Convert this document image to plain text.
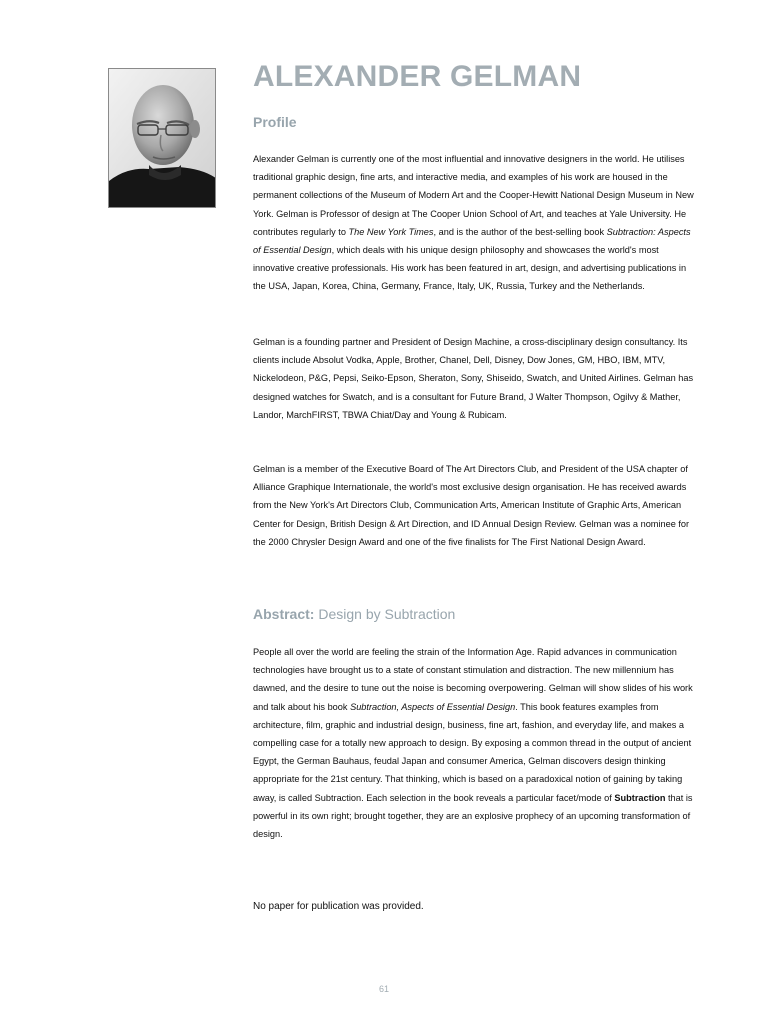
ALEXANDER GELMAN
Profile

Alexander Gelman is currently one of the most influential and innovative designers in the world. He utilises traditional graphic design, fine arts, and interactive media, and examples of his work are housed in the permanent collections of the Museum of Modern Art and the Cooper-Hewitt National Design Museum in New York. Gelman is Professor of design at The Cooper Union School of Art, and teaches at Yale University. He contributes regularly to The New York Times, and is the author of the best-selling book Subtraction: Aspects of Essential Design, which deals with his unique design philosophy and showcases the world's most innovative creative professionals. His work has been featured in art, design, and advertising publications in the USA, Japan, Korea, China, Germany, France, Italy, UK, Russia, Turkey and the Netherlands.

Gelman is a founding partner and President of Design Machine, a cross-disciplinary design consultancy. Its clients include Absolut Vodka, Apple, Brother, Chanel, Dell, Disney, Dow Jones, GM, HBO, IBM, MTV, Nickelodeon, P&G, Pepsi, Seiko-Epson, Sheraton, Sony, Shiseido, Swatch, and United Airlines. Gelman has designed watches for Swatch, and is a consultant for Future Brand, J Walter Thompson, Ogilvy & Mather, Landor, MarchFIRST, TBWA Chiat/Day and Young & Rubicam.

Gelman is a member of the Executive Board of The Art Directors Club, and President of the USA chapter of Alliance Graphique Internationale, the world's most exclusive design organisation. He has received awards from the New York's Art Directors Club, Communication Arts, American Institute of Graphic Arts, American Center for Design, British Design & Art Direction, and ID Annual Design Review. Gelman was a nominee for the 2000 Chrysler Design Award and one of the five finalists for The First National Design Award.

Abstract: Design by Subtraction

People all over the world are feeling the strain of the Information Age. Rapid advances in communication technologies have brought us to a state of constant stimulation and distraction. The new millennium has dawned, and the desire to tune out the noise is becoming overpowering. Gelman will show slides of his work and talk about his book Subtraction, Aspects of Essential Design. This book features examples from architecture, film, graphic and industrial design, business, fine art, fashion, and everyday life, and makes a compelling case for a totally new approach to design. By exposing a common thread in the output of ancient Egypt, the German Bauhaus, feudal Japan and consumer America, Gelman discovers design thinking appropriate for the 21st century. That thinking, which is based on a paradoxical notion of gaining by taking away, is called Subtraction. Each selection in the book reveals a particular facet/mode of Subtraction that is powerful in its own right; brought together, they are an explosive prophecy of an upcoming transformation of design.

No paper for publication was provided.

61
